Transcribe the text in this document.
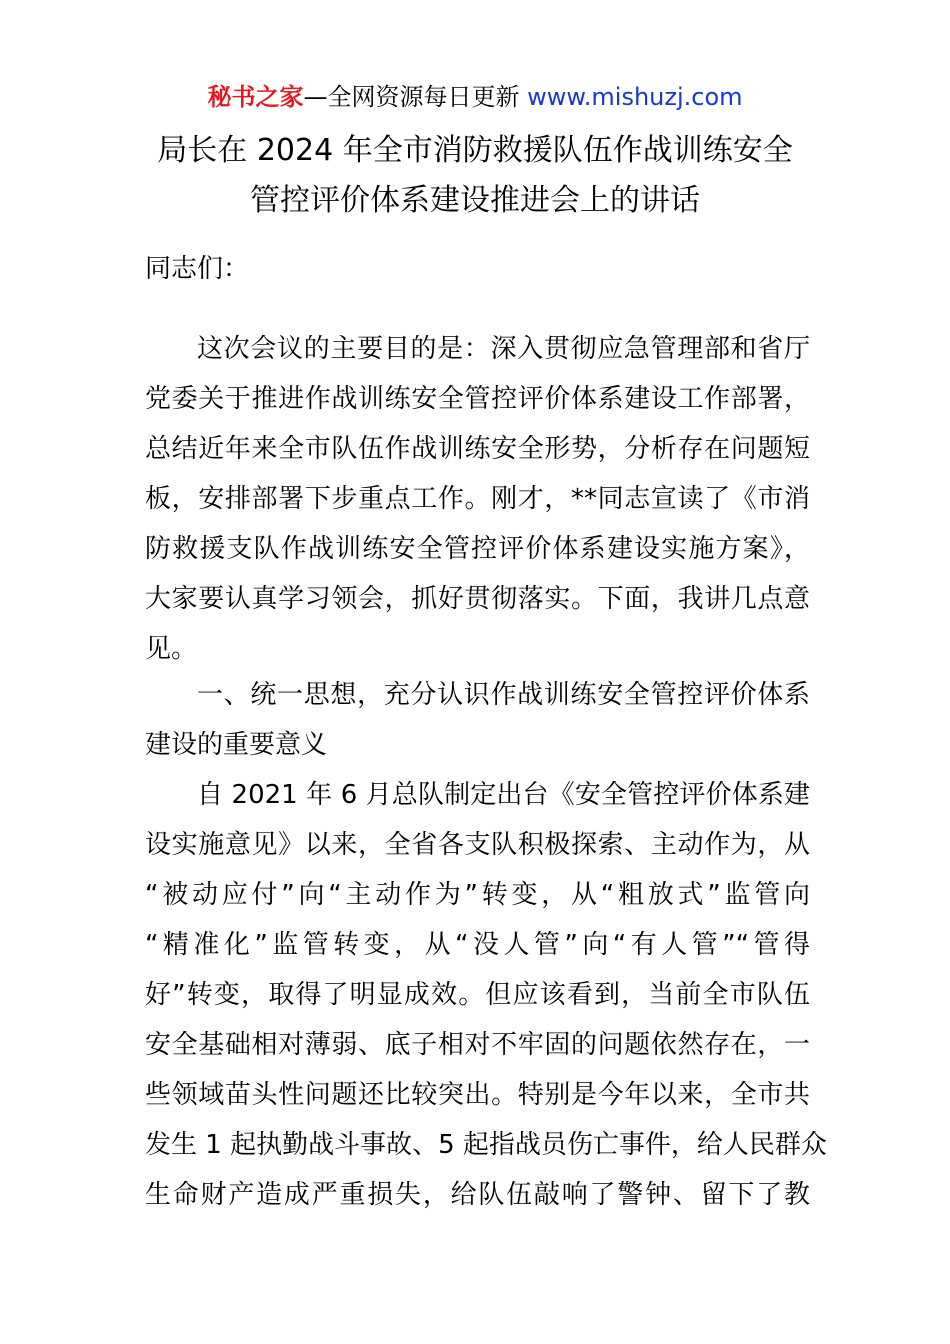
秘书之家—全网资源每日更新 www.mishuzj.com
局长在 2024 年全市消防救援队伍作战训练安全
管控评价体系建设推进会上的讲话
同志们：
这次会议的主要目的是：深入贯彻应急管理部和省厅
党委关于推进作战训练安全管控评价体系建设工作部署，
总结近年来全市队伍作战训练安全形势，分析存在问题短
板，安排部署下步重点工作。刚才，**同志宣读了《市消
防救援支队作战训练安全管控评价体系建设实施方案》，
大家要认真学习领会，抓好贯彻落实。下面，我讲几点意
见。
一、统一思想，充分认识作战训练安全管控评价体系
建设的重要意义
自 2021 年 6 月总队制定出台《安全管控评价体系建
设实施意见》以来，全省各支队积极探索、主动作为，从
“被动应付”向“主动作为”转变，从“粗放式”监管向
“精准化”监管转变，从“没人管”向“有人管”“管得
好”转变，取得了明显成效。但应该看到，当前全市队伍
安全基础相对薄弱、底子相对不牢固的问题依然存在，一
些领域苗头性问题还比较突出。特别是今年以来，全市共
发生 1 起执勤战斗事故、5 起指战员伤亡事件，给人民群众
生命财产造成严重损失，给队伍敲响了警钟、留下了教
